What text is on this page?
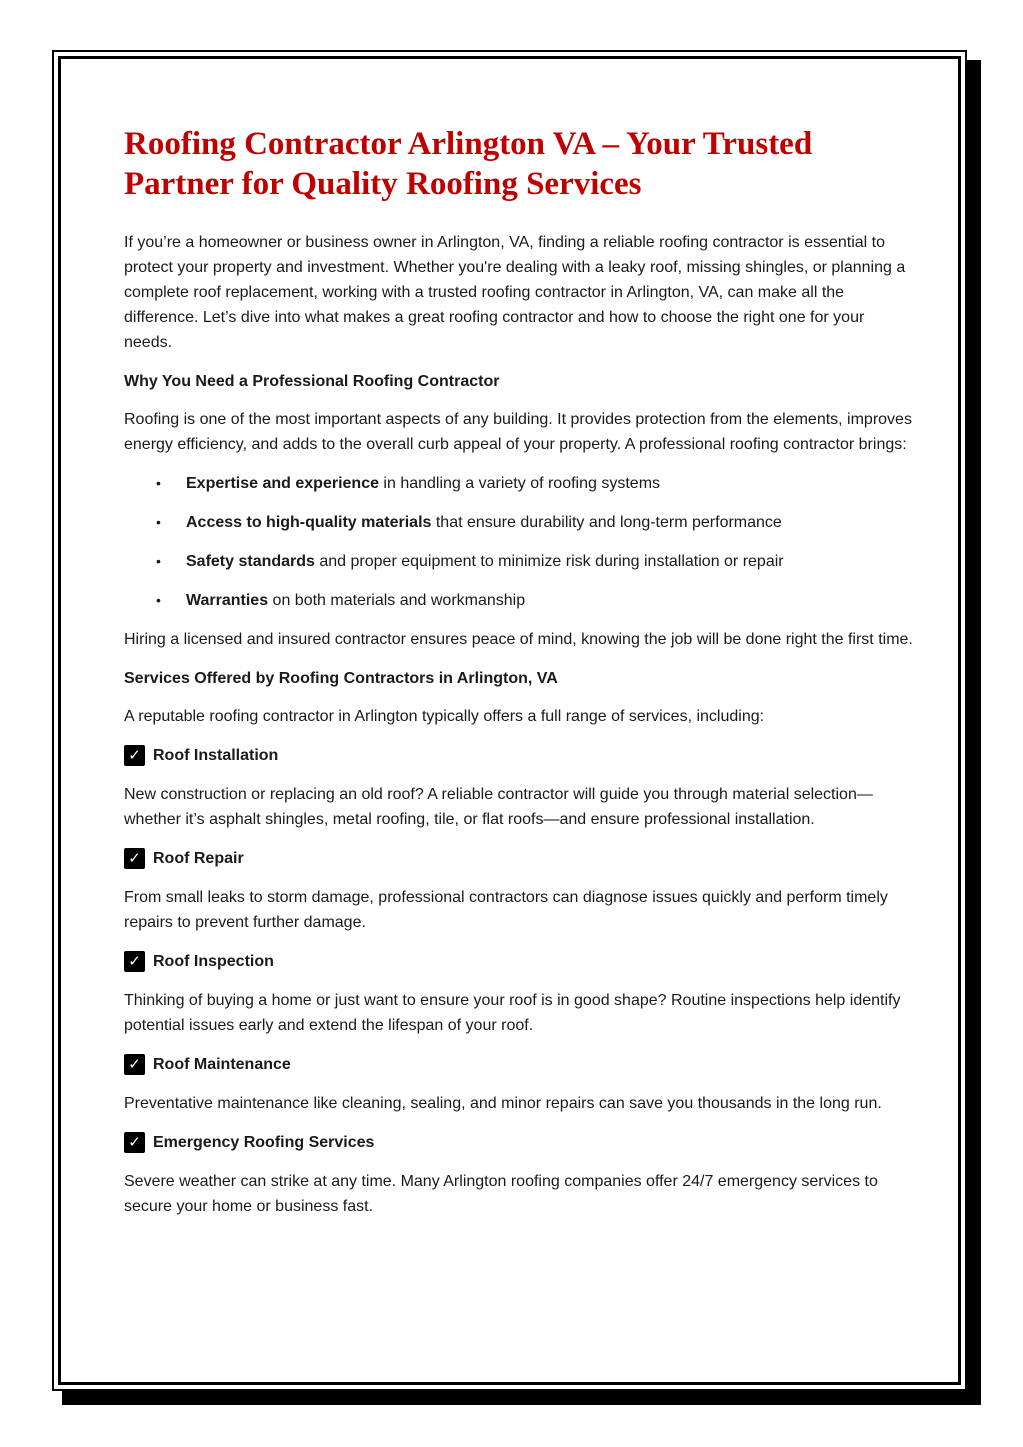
Roofing Contractor Arlington VA – Your Trusted Partner for Quality Roofing Services

If you’re a homeowner or business owner in Arlington, VA, finding a reliable roofing contractor is essential to protect your property and investment. Whether you're dealing with a leaky roof, missing shingles, or planning a complete roof replacement, working with a trusted roofing contractor in Arlington, VA, can make all the difference. Let’s dive into what makes a great roofing contractor and how to choose the right one for your needs.

Why You Need a Professional Roofing Contractor

Roofing is one of the most important aspects of any building. It provides protection from the elements, improves energy efficiency, and adds to the overall curb appeal of your property. A professional roofing contractor brings:

• Expertise and experience in handling a variety of roofing systems
• Access to high-quality materials that ensure durability and long-term performance
• Safety standards and proper equipment to minimize risk during installation or repair
• Warranties on both materials and workmanship

Hiring a licensed and insured contractor ensures peace of mind, knowing the job will be done right the first time.

Services Offered by Roofing Contractors in Arlington, VA

A reputable roofing contractor in Arlington typically offers a full range of services, including:

✓ Roof Installation

New construction or replacing an old roof? A reliable contractor will guide you through material selection—whether it’s asphalt shingles, metal roofing, tile, or flat roofs—and ensure professional installation.

✓ Roof Repair

From small leaks to storm damage, professional contractors can diagnose issues quickly and perform timely repairs to prevent further damage.

✓ Roof Inspection

Thinking of buying a home or just want to ensure your roof is in good shape? Routine inspections help identify potential issues early and extend the lifespan of your roof.

✓ Roof Maintenance

Preventative maintenance like cleaning, sealing, and minor repairs can save you thousands in the long run.

✓ Emergency Roofing Services

Severe weather can strike at any time. Many Arlington roofing companies offer 24/7 emergency services to secure your home or business fast.
